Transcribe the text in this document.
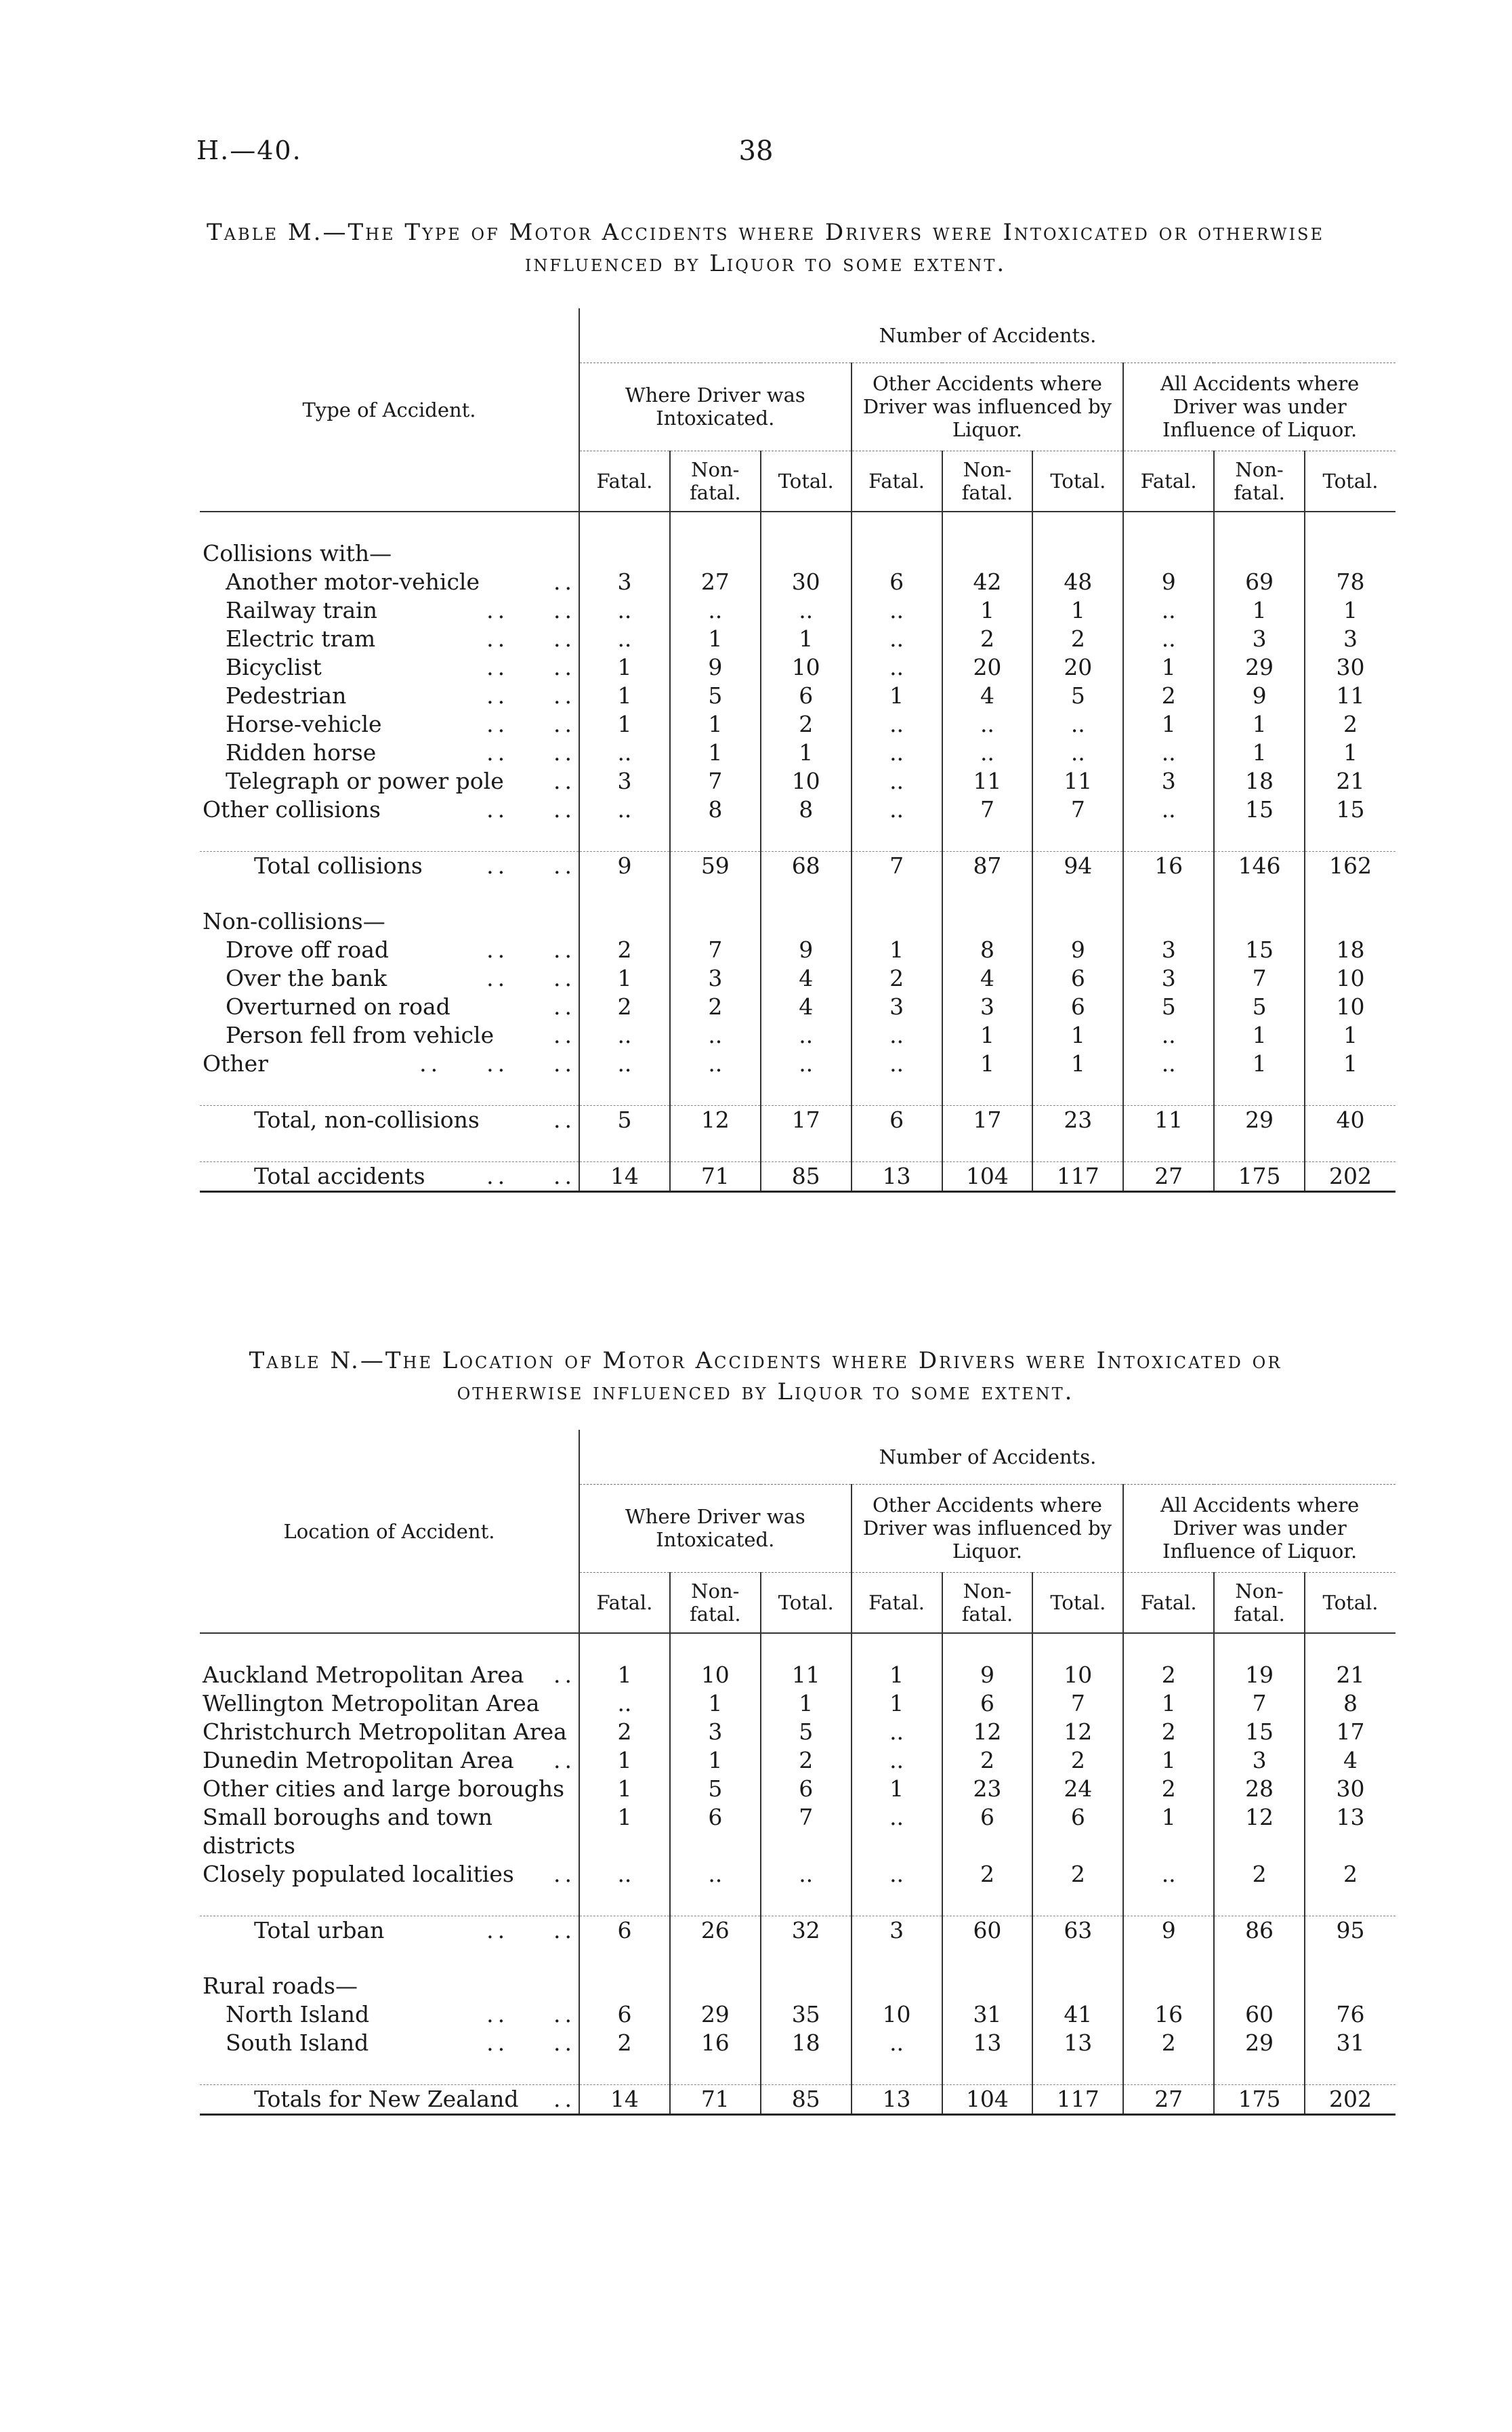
H.—40.	38
Table M.—The Type of Motor Accidents where Drivers were Intoxicated or otherwise
influenced by Liquor to some extent.
Type of Accident.	Number of Accidents.								
	Where Driver was Intoxicated.			Other Accidents where Driver was influenced by Liquor.			All Accidents where Driver was under Influence of Liquor.		
	Fatal.	Non-fatal.	Total.	Fatal.	Non-fatal.	Total.	Fatal.	Non-fatal.	Total.

Collisions with—									
Another motor-vehicle ..	3	27	30	6	42	48	9	69	78
Railway train ..    ..	..	..	..	..	1	1	..	1	1
Electric tram ..    ..	..	1	1	..	2	2	..	3	3
Bicyclist ..    ..	1	9	10	..	20	20	1	29	30
Pedestrian ..    ..	1	5	6	1	4	5	2	9	11
Horse-vehicle ..    ..	1	1	2	..	..	..	1	1	2
Ridden horse ..    ..	..	1	1	..	..	..	..	1	1
Telegraph or power pole ..	3	7	10	..	11	11	3	18	21
Other collisions ..    ..	..	8	8	..	7	7	..	15	15

Total collisions ..    ..	9	59	68	7	87	94	16	146	162

Non-collisions—									
Drove off road ..    ..	2	7	9	1	8	9	3	15	18
Over the bank ..    ..	1	3	4	2	4	6	3	7	10
Overturned on road ..	2	2	4	3	3	6	5	5	10
Person fell from vehicle ..	..	..	..	..	1	1	..	1	1
Other ..    ..    ..	..	..	..	..	1	1	..	1	1

Total, non-collisions ..	5	12	17	6	17	23	11	29	40

Total accidents ..    ..	14	71	85	13	104	117	27	175	202
Table N.—The Location of Motor Accidents where Drivers were Intoxicated or
otherwise influenced by Liquor to some extent.
Location of Accident.	Number of Accidents.								
	Where Driver was Intoxicated.			Other Accidents where Driver was influenced by Liquor.			All Accidents where Driver was under Influence of Liquor.		
	Fatal.	Non-fatal.	Total.	Fatal.	Non-fatal.	Total.	Fatal.	Non-fatal.	Total.

Auckland Metropolitan Area ..	1	10	11	1	9	10	2	19	21
Wellington Metropolitan Area	..	1	1	1	6	7	1	7	8
Christchurch Metropolitan Area	2	3	5	..	12	12	2	15	17
Dunedin Metropolitan Area ..	1	1	2	..	2	2	1	3	4
Other cities and large boroughs	1	5	6	1	23	24	2	28	30
Small boroughs and town districts	1	6	7	..	6	6	1	12	13
Closely populated localities ..	..	..	..	..	2	2	..	2	2

Total urban ..    ..	6	26	32	3	60	63	9	86	95

Rural roads—									
North Island ..    ..	6	29	35	10	31	41	16	60	76
South Island ..    ..	2	16	18	..	13	13	2	29	31

Totals for New Zealand ..	14	71	85	13	104	117	27	175	202
